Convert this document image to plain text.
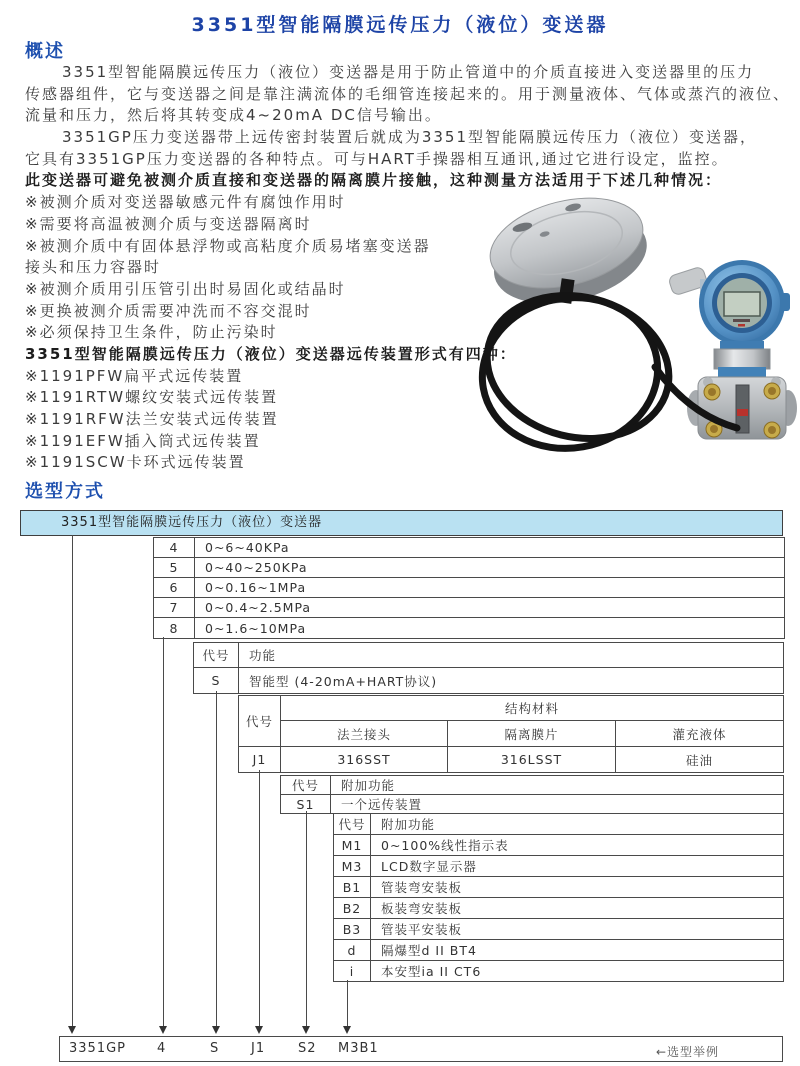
3351型智能隔膜远传压力（液位）变送器
概述
3351型智能隔膜远传压力（液位）变送器是用于防止管道中的介质直接进入变送器里的压力
传感器组件，它与变送器之间是靠注满流体的毛细管连接起来的。用于测量液体、气体或蒸汽的液位、
流量和压力，然后将其转变成4~20mA DC信号输出。
3351GP压力变送器带上远传密封装置后就成为3351型智能隔膜远传压力（液位）变送器，
它具有3351GP压力变送器的各种特点。可与HART手操器相互通讯,通过它进行设定，监控。
此变送器可避免被测介质直接和变送器的隔离膜片接触，这种测量方法适用于下述几种情况：
※被测介质对变送器敏感元件有腐蚀作用时
※需要将高温被测介质与变送器隔离时
※被测介质中有固体悬浮物或高粘度介质易堵塞变送器
接头和压力容器时
※被测介质用引压管引出时易固化或结晶时
※更换被测介质需要冲洗而不容交混时
※必须保持卫生条件，防止污染时
3351型智能隔膜远传压力（液位）变送器远传装置形式有四种：
※1191PFW扁平式远传装置
※1191RTW螺纹安装式远传装置
※1191RFW法兰安装式远传装置
※1191EFW插入筒式远传装置
※1191SCW卡环式远传装置
选型方式
3351型智能隔膜远传压力（液位）变送器
4	0~6~40KPa
5	0~40~250KPa
6	0~0.16~1MPa
7	0~0.4~2.5MPa
8	0~1.6~10MPa
代号	功能
S	智能型 (4-20mA+HART协议)
代号	结构材料		
	法兰接头	隔离膜片	灌充液体
J1	316SST	316LSST	硅油
代号	附加功能
S1	一个远传装置
代号	附加功能
M1	0~100%线性指示表
M3	LCD数字显示器
B1	管装弯安装板
B2	板装弯安装板
B3	管装平安装板
d	隔爆型d II BT4
i	本安型ia II CT6
3351GP 4	S J1	S2 M3B1	←选型举例
